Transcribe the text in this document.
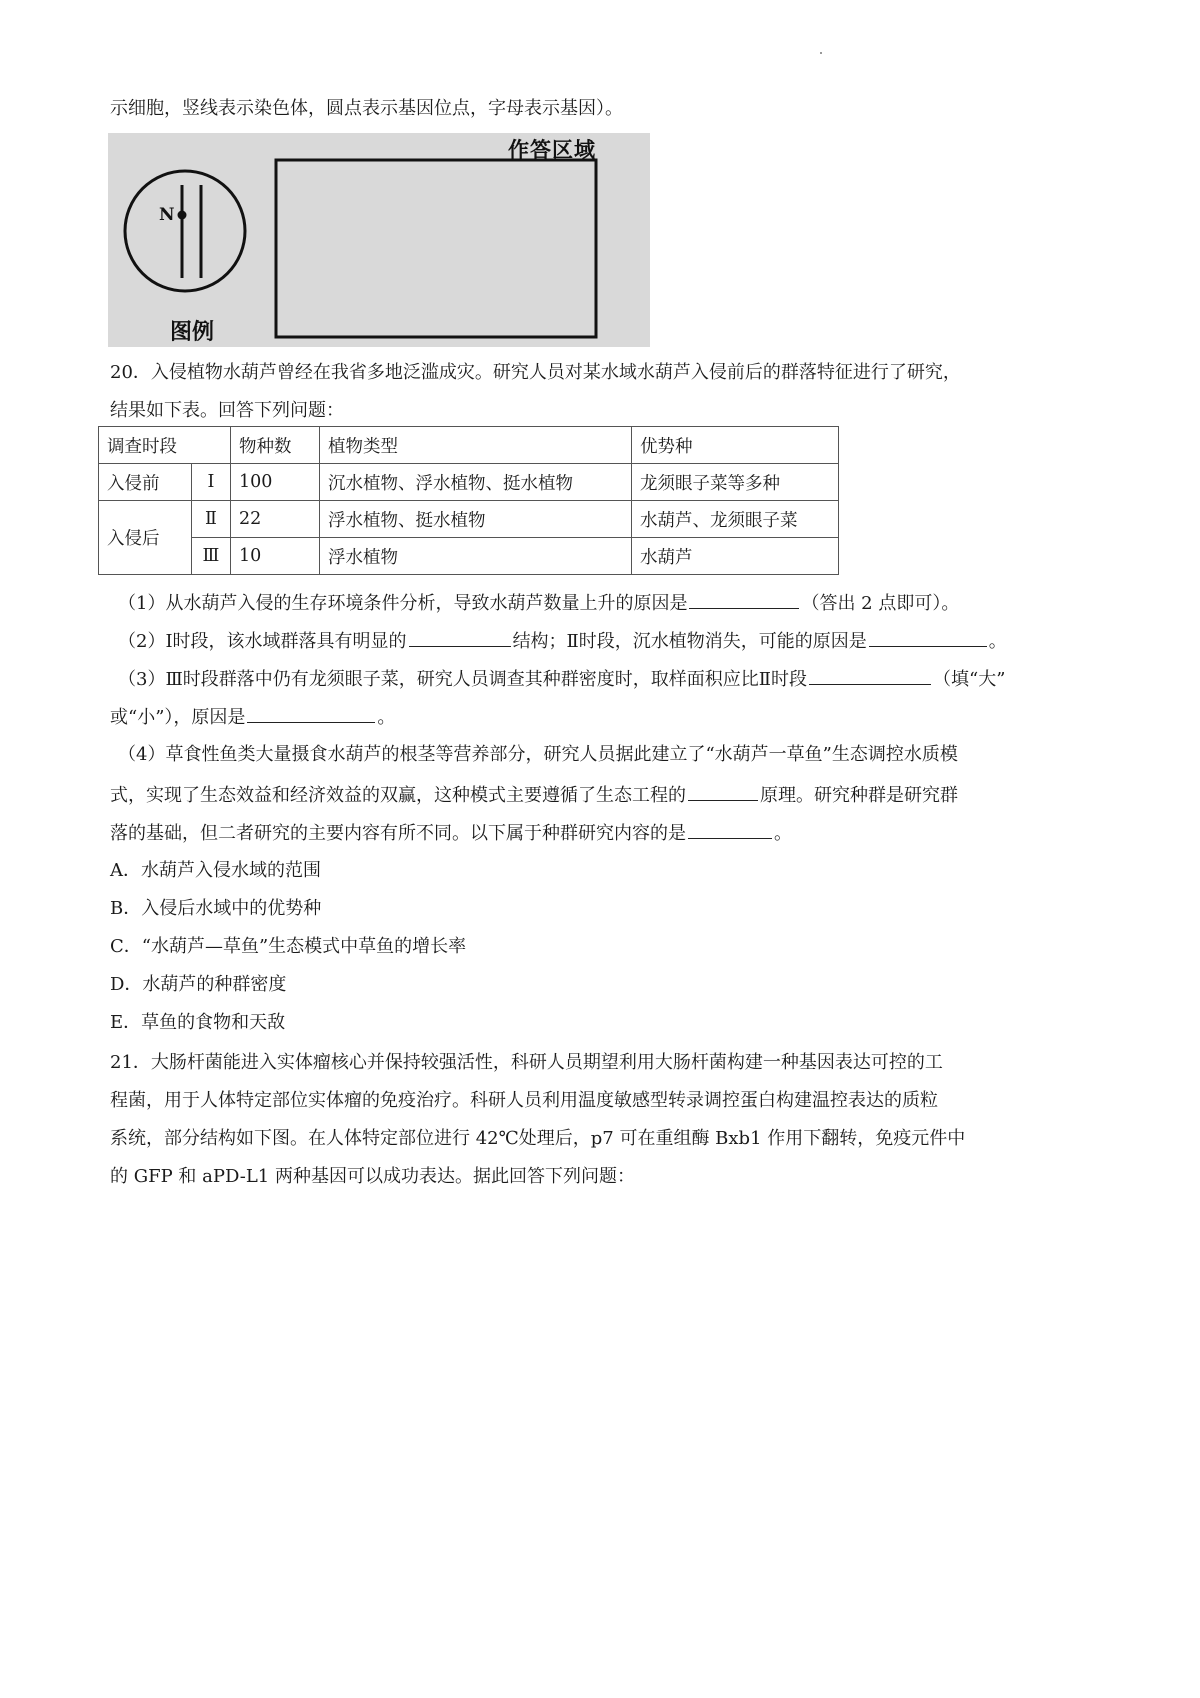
示细胞，竖线表示染色体，圆点表示基因位点，字母表示基因）。
N
作答区域
图例
20．入侵植物水葫芦曾经在我省多地泛滥成灾。研究人员对某水域水葫芦入侵前后的群落特征进行了研究，
结果如下表。回答下列问题：
调查时段		物种数	植物类型	优势种
入侵前	Ⅰ	100	沉水植物、浮水植物、挺水植物	龙须眼子菜等多种
入侵后	Ⅱ	22	浮水植物、挺水植物	水葫芦、龙须眼子菜
	Ⅲ	10	浮水植物	水葫芦
（1）从水葫芦入侵的生存环境条件分析，导致水葫芦数量上升的原因是	（答出 2 点即可）。
（2）Ⅰ时段，该水域群落具有明显的	结构；Ⅱ时段，沉水植物消失，可能的原因是	。
（3）Ⅲ时段群落中仍有龙须眼子菜，研究人员调查其种群密度时，取样面积应比Ⅱ时段	（填“大”
或“小”），原因是	。
（4）草食性鱼类大量摄食水葫芦的根茎等营养部分，研究人员据此建立了“水葫芦一草鱼”生态调控水质模
式，实现了生态效益和经济效益的双赢，这种模式主要遵循了生态工程的	原理。研究种群是研究群
落的基础，但二者研究的主要内容有所不同。以下属于种群研究内容的是	。
A．水葫芦入侵水域的范围
B．入侵后水域中的优势种
C．“水葫芦—草鱼”生态模式中草鱼的增长率
D．水葫芦的种群密度
E．草鱼的食物和天敌
21．大肠杆菌能进入实体瘤核心并保持较强活性，科研人员期望利用大肠杆菌构建一种基因表达可控的工
程菌，用于人体特定部位实体瘤的免疫治疗。科研人员利用温度敏感型转录调控蛋白构建温控表达的质粒
系统，部分结构如下图。在人体特定部位进行 42℃处理后，p7 可在重组酶 Bxb1 作用下翻转，免疫元件中
的 GFP 和 aPD-L1 两种基因可以成功表达。据此回答下列问题：
